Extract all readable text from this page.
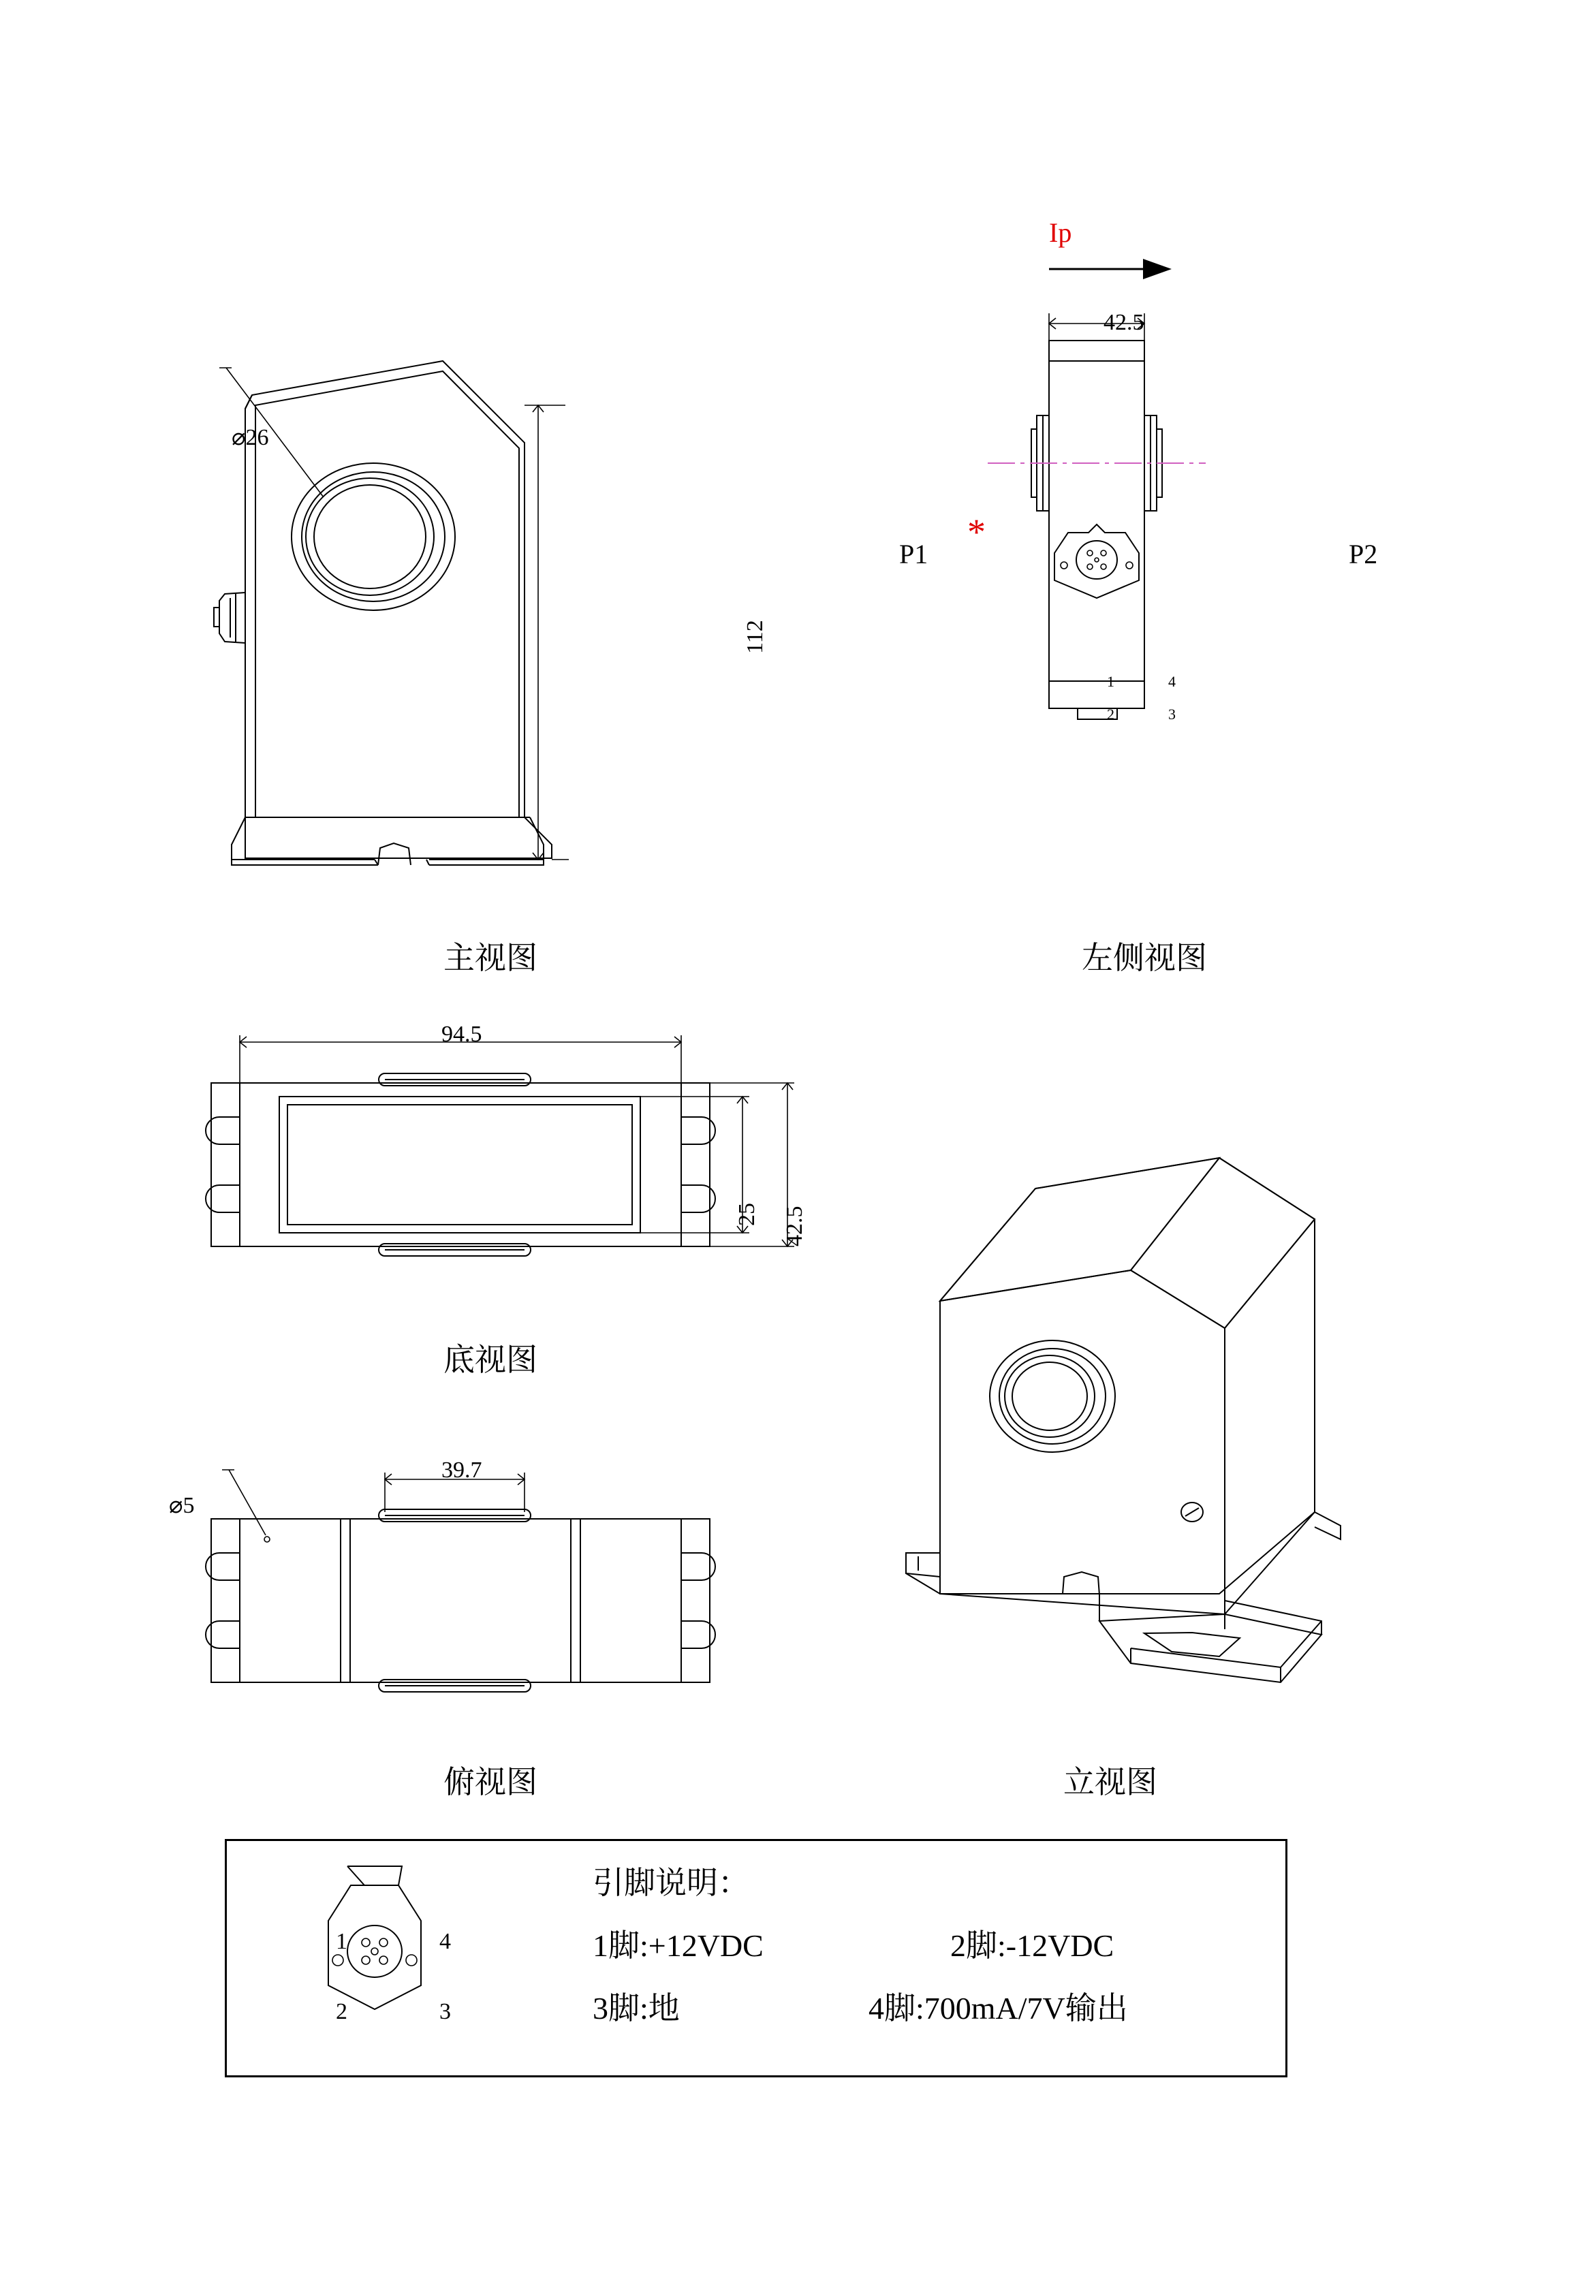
⌀26
112
主视图
Ip
42.5
P1	P2
*
1	4
2	3
左侧视图
94.5
25 42.5
底视图
39.7
⌀5
俯视图	立视图
1	4
2	3
引脚说明：
1脚:+12VDC	2脚:-12VDC
3脚:地	4脚:700mA/7V输出
